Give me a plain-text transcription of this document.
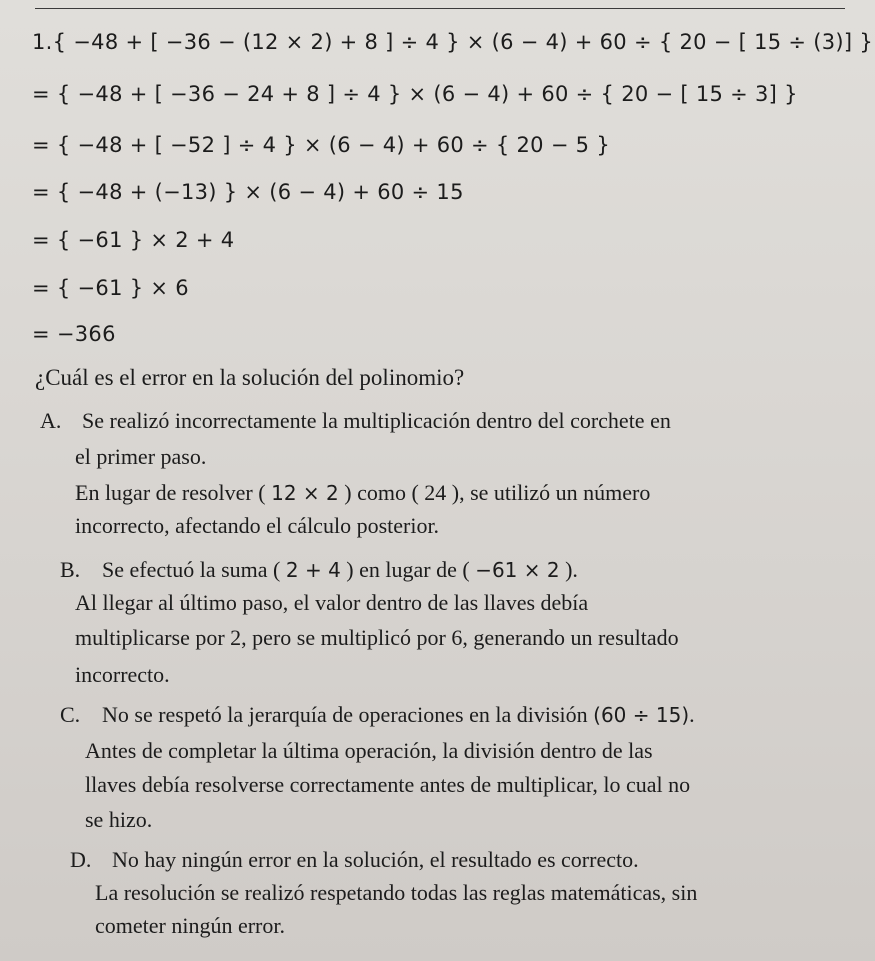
1.{ −48 + [ −36 − (12 × 2) + 8 ] ÷ 4 } × (6 − 4) + 60 ÷ { 20 − [ 15 ÷ (3)] }
= { −48 + [ −36 − 24 + 8 ] ÷ 4 } × (6 − 4) + 60 ÷ { 20 − [ 15 ÷ 3] }
= { −48 + [ −52 ] ÷ 4 } × (6 − 4) + 60 ÷ { 20 − 5 }
= { −48 + (−13) } × (6 − 4) + 60 ÷ 15
= { −61 } × 2 + 4
= { −61 } × 6
= −366
¿Cuál es el error en la solución del polinomio?
A. Se realizó incorrectamente la multiplicación dentro del corchete en
el primer paso.
En lugar de resolver ( 12 × 2 ) como ( 24 ), se utilizó un número
incorrecto, afectando el cálculo posterior.
B. Se efectuó la suma ( 2 + 4 ) en lugar de ( −61 × 2 ).
Al llegar al último paso, el valor dentro de las llaves debía
multiplicarse por 2, pero se multiplicó por 6, generando un resultado
incorrecto.
C. No se respetó la jerarquía de operaciones en la división (60 ÷ 15).
Antes de completar la última operación, la división dentro de las
llaves debía resolverse correctamente antes de multiplicar, lo cual no
se hizo.
D. No hay ningún error en la solución, el resultado es correcto.
La resolución se realizó respetando todas las reglas matemáticas, sin
cometer ningún error.
